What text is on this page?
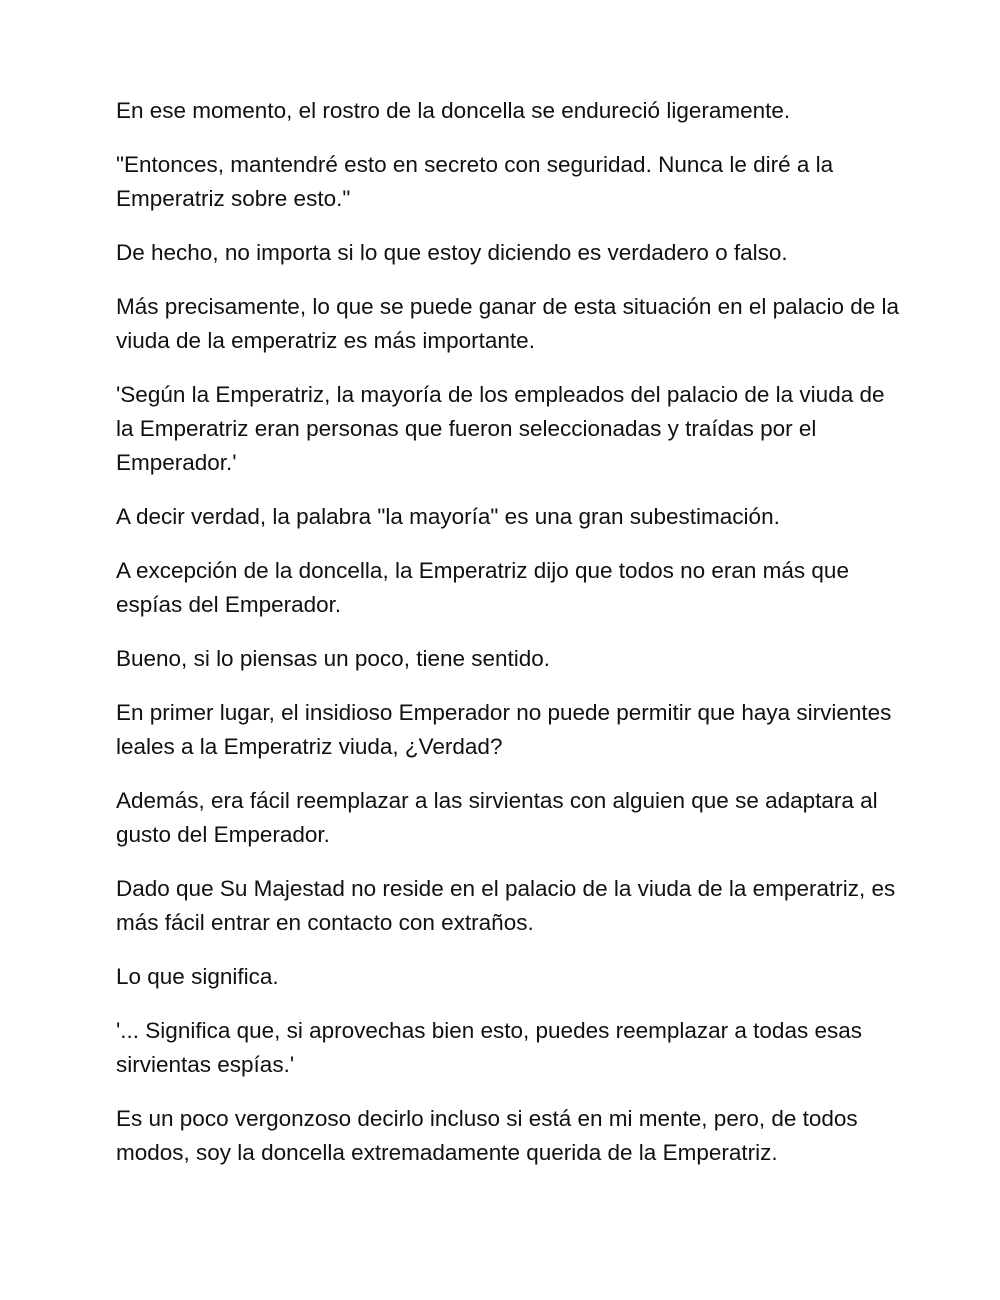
En ese momento, el rostro de la doncella se endureció ligeramente.

"Entonces, mantendré esto en secreto con seguridad. Nunca le diré a la Emperatriz sobre esto."

De hecho, no importa si lo que estoy diciendo es verdadero o falso.

Más precisamente, lo que se puede ganar de esta situación en el palacio de la viuda de la emperatriz es más importante.

'Según la Emperatriz, la mayoría de los empleados del palacio de la viuda de la Emperatriz eran personas que fueron seleccionadas y traídas por el Emperador.'

A decir verdad, la palabra "la mayoría" es una gran subestimación.

A excepción de la doncella, la Emperatriz dijo que todos no eran más que espías del Emperador.

Bueno, si lo piensas un poco, tiene sentido.

En primer lugar, el insidioso Emperador no puede permitir que haya sirvientes leales a la Emperatriz viuda, ¿Verdad?

Además, era fácil reemplazar a las sirvientas con alguien que se adaptara al gusto del Emperador.

Dado que Su Majestad no reside en el palacio de la viuda de la emperatriz, es más fácil entrar en contacto con extraños.

Lo que significa.

'... Significa que, si aprovechas bien esto, puedes reemplazar a todas esas sirvientas espías.'

Es un poco vergonzoso decirlo incluso si está en mi mente, pero, de todos modos, soy la doncella extremadamente querida de la Emperatriz.
